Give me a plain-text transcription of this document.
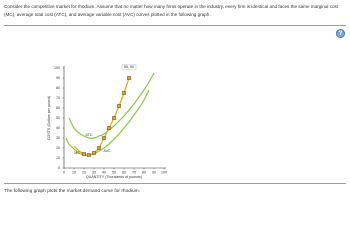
Consider the competitive market for rhodium. Assume that no matter how many firms operate in the industry, every firm is identical and faces the same marginal cost (MC), average total cost (ATC), and average variable cost (AVC) curves plotted in the following graph.
?
0 10 20 30 40 50 60 70 80 90 100
0
10
20
30
40
50
60
70
80
90
100
QUANTITY (Thousands of pounds)
COSTS (Dollars per pound)
MC
ATC
AVC
65, 90
The following graph plots the market demand curve for rhodium.
